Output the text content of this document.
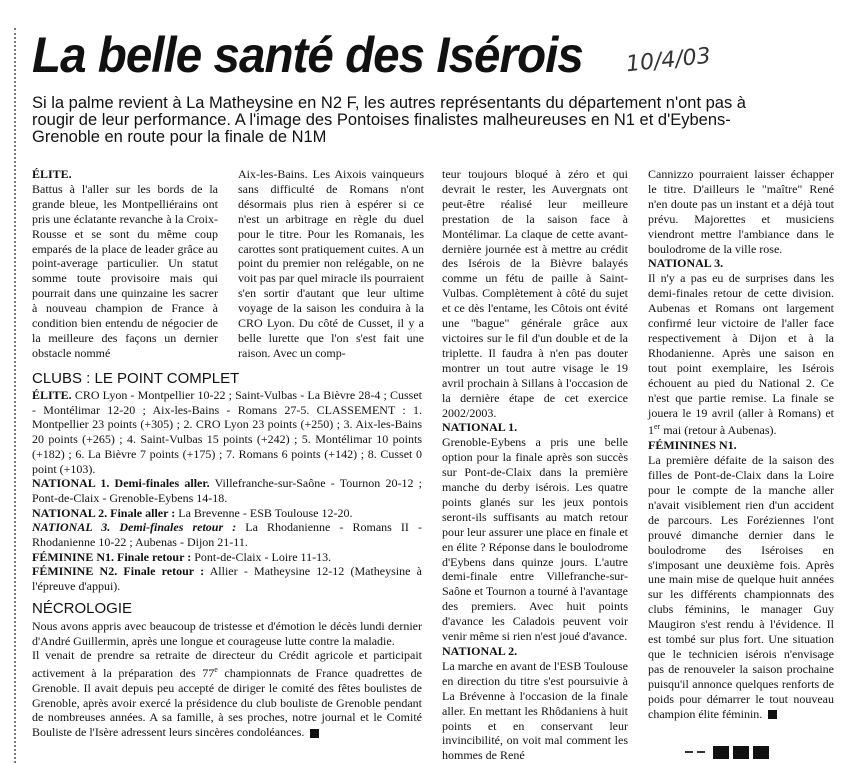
La belle santé des Isérois 10/4/03
Si la palme revient à La Matheysine en N2 F, les autres représentants du département n'ont pas à rougir de leur performance. A l'image des Pontoises finalistes malheureuses en N1 et d'Eybens-Grenoble en route pour la finale de N1M

ÉLITE.

Battus à l'aller sur les bords de la grande bleue, les Montpelliérains ont pris une éclatante revanche à la Croix-Rousse et se sont du même coup emparés de la place de leader grâce au point-average particulier. Un statut somme toute provisoire mais qui pourrait dans une quinzaine les sacrer à nouveau champion de France à condition bien entendu de négocier de la meilleure des façons un dernier obstacle nommé

Aix-les-Bains. Les Aixois vainqueurs sans difficulté de Romans n'ont désormais plus rien à espérer si ce n'est un arbitrage en règle du duel pour le titre. Pour les Romanais, les carottes sont pratiquement cuites. A un point du premier non relégable, on ne voit pas par quel miracle ils pourraient s'en sortir d'autant que leur ultime voyage de la saison les conduira à la CRO Lyon. Du côté de Cusset, il y a belle lurette que l'on s'est fait une raison. Avec un comp-

teur toujours bloqué à zéro et qui devrait le rester, les Auvergnats ont peut-être réalisé leur meilleure prestation de la saison face à Montélimar. La claque de cette avant-dernière journée est à mettre au crédit des Isérois de la Bièvre balayés comme un fétu de paille à Saint-Vulbas. Complètement à côté du sujet et ce dès l'entame, les Côtois ont évité une "bague" générale grâce aux victoires sur le fil d'un double et de la triplette. Il faudra à n'en pas douter montrer un tout autre visage le 19 avril prochain à Sillans à l'occasion de la dernière étape de cet exercice 2002/2003.

NATIONAL 1.

Grenoble-Eybens a pris une belle option pour la finale après son succès sur Pont-de-Claix dans la première manche du derby isérois. Les quatre points glanés sur les jeux pontois seront-ils suffisants au match retour pour leur assurer une place en finale et en élite ? Réponse dans le boulodrome d'Eybens dans quinze jours. L'autre demi-finale entre Villefranche-sur-Saône et Tournon a tourné à l'avantage des premiers. Avec huit points d'avance les Caladois peuvent voir venir même si rien n'est joué d'avance.

NATIONAL 2.

La marche en avant de l'ESB Toulouse en direction du titre s'est poursuivie à La Brévenne à l'occasion de la finale aller. En mettant les Rhôdaniens à huit points et en conservant leur invincibilité, on voit mal comment les hommes de René

Cannizzo pourraient laisser échapper le titre. D'ailleurs le "maître" René n'en doute pas un instant et a déjà tout prévu. Majorettes et musiciens viendront mettre l'ambiance dans le boulodrome de la ville rose.

NATIONAL 3.

Il n'y a pas eu de surprises dans les demi-finales retour de cette division. Aubenas et Romans ont largement confirmé leur victoire de l'aller face respectivement à Dijon et à la Rhodanienne. Après une saison en tout point exemplaire, les Isérois échouent au pied du National 2. Ce n'est que partie remise. La finale se jouera le 19 avril (aller à Romans) et 1er mai (retour à Aubenas).

FÉMININES N1.

La première défaite de la saison des filles de Pont-de-Claix dans la Loire pour le compte de la manche aller n'avait visiblement rien d'un accident de parcours. Les Foréziennes l'ont prouvé dimanche dernier dans le boulodrome des Iséroises en s'imposant une deuxième fois. Après une main mise de quelque huit années sur les différents championnats des clubs féminins, le manager Guy Maugiron s'est rendu à l'évidence. Il est tombé sur plus fort. Une situation que le technicien isérois n'envisage pas de renouveler la saison prochaine puisqu'il annonce quelques renforts de poids pour démarrer le tout nouveau champion élite féminin.

CLUBS : LE POINT COMPLET

ÉLITE. CRO Lyon - Montpellier 10-22 ; Saint-Vulbas - La Bièvre 28-4 ; Cusset - Montélimar 12-20 ; Aix-les-Bains - Romans 27-5. CLASSEMENT : 1. Montpellier 23 points (+305) ; 2. CRO Lyon 23 points (+250) ; 3. Aix-les-Bains 20 points (+265) ; 4. Saint-Vulbas 15 points (+242) ; 5. Montélimar 10 points (+182) ; 6. La Bièvre 7 points (+175) ; 7. Romans 6 points (+142) ; 8. Cusset 0 point (+103).

NATIONAL 1. Demi-finales aller. Villefranche-sur-Saône - Tournon 20-12 ; Pont-de-Claix - Grenoble-Eybens 14-18.

NATIONAL 2. Finale aller : La Brevenne - ESB Toulouse 12-20.

NATIONAL 3. Demi-finales retour : La Rhodanienne - Romans II - Rhodanienne 10-22 ; Aubenas - Dijon 21-11.

FÉMININE N1. Finale retour : Pont-de-Claix - Loire 11-13.

FÉMININE N2. Finale retour : Allier - Matheysine 12-12 (Matheysine à l'épreuve d'appui).

NÉCROLOGIE

Nous avons appris avec beaucoup de tristesse et d'émotion le décès lundi dernier d'André Guillermin, après une longue et courageuse lutte contre la maladie.

Il venait de prendre sa retraite de directeur du Crédit agricole et participait activement à la préparation des 77e championnats de France quadrettes de Grenoble. Il avait depuis peu accepté de diriger le comité des fêtes boulistes de Grenoble, après avoir exercé la présidence du club bouliste de Grenoble pendant de nombreuses années. A sa famille, à ses proches, notre journal et le Comité Bouliste de l'Isère adressent leurs sincères condoléances.
